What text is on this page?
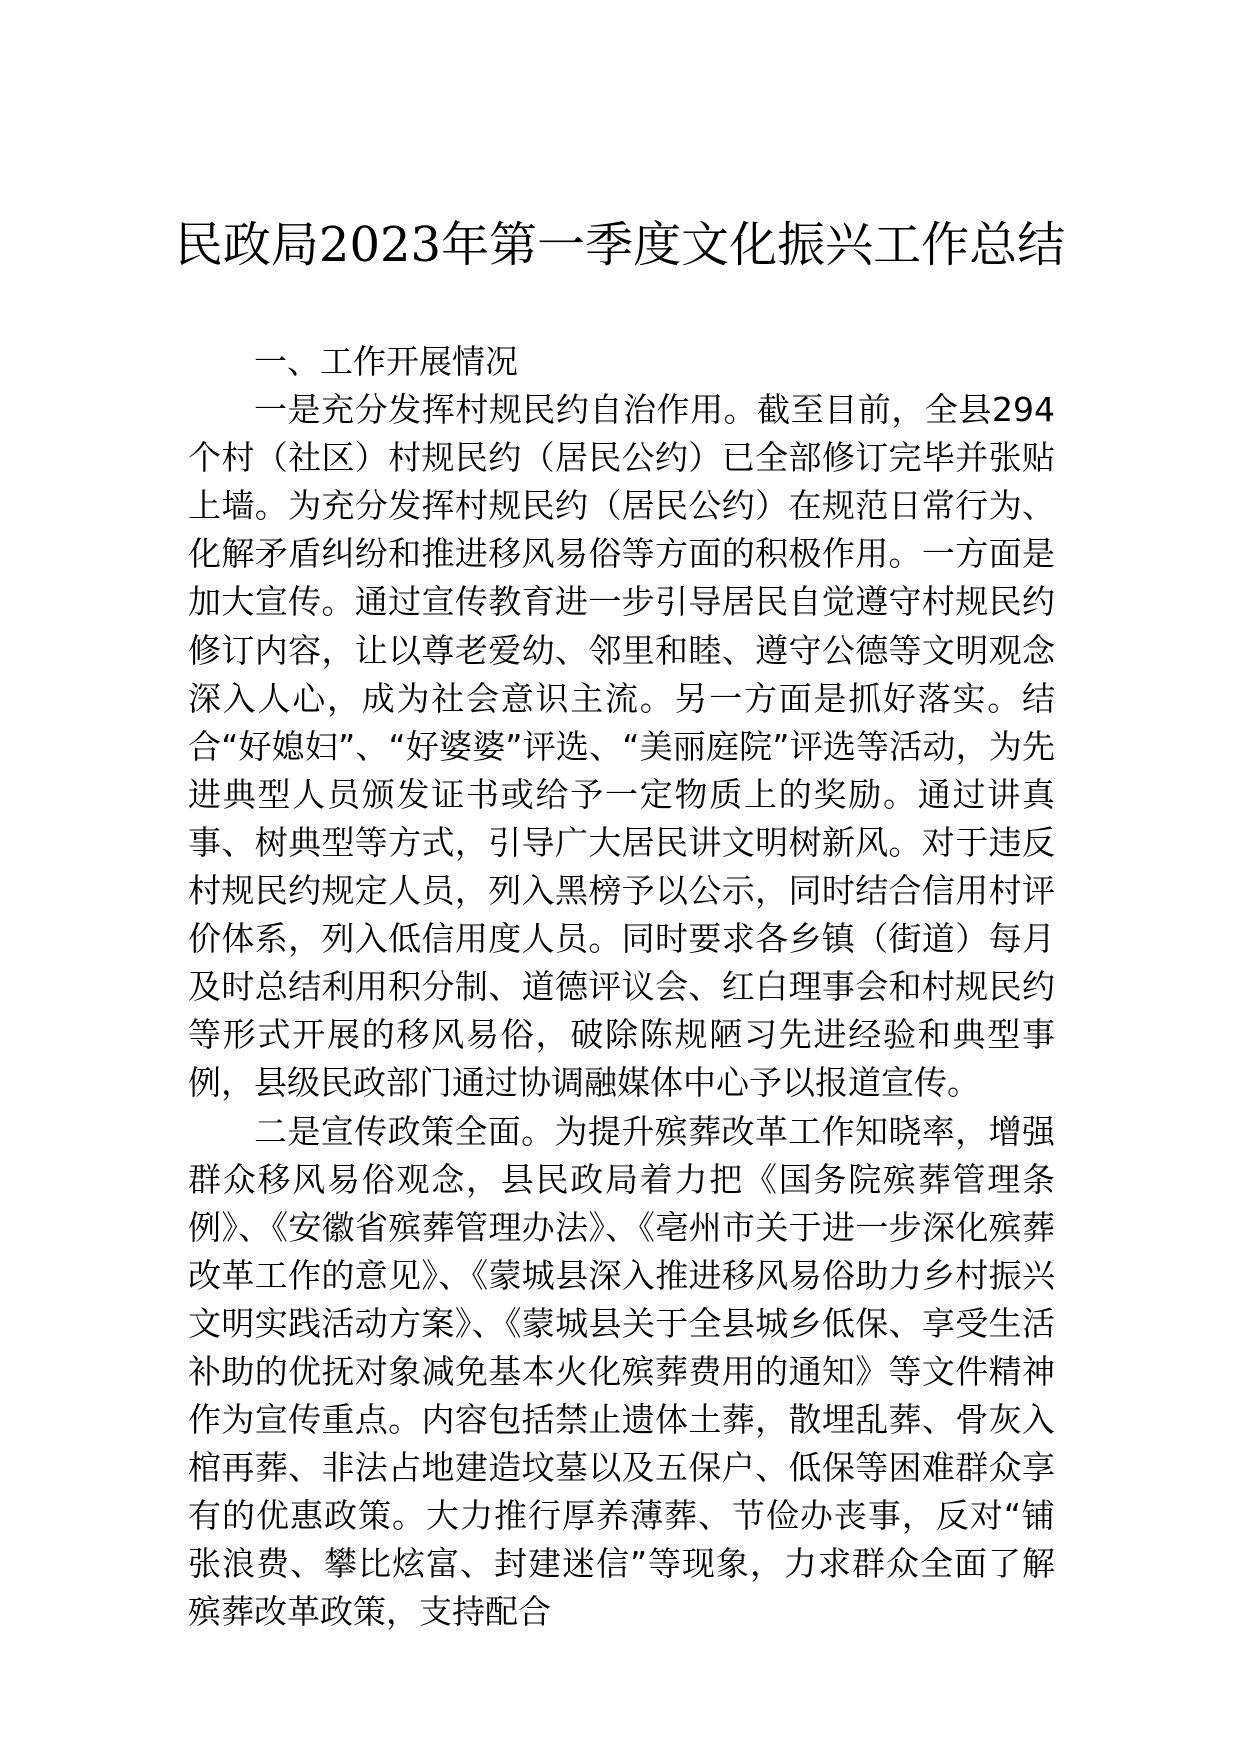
民政局2023年第一季度文化振兴工作总结

一、工作开展情况

一是充分发挥村规民约自治作用。截至目前，全县294个村（社区）村规民约（居民公约）已全部修订完毕并张贴上墙。为充分发挥村规民约（居民公约）在规范日常行为、化解矛盾纠纷和推进移风易俗等方面的积极作用。一方面是加大宣传。通过宣传教育进一步引导居民自觉遵守村规民约修订内容，让以尊老爱幼、邻里和睦、遵守公德等文明观念深入人心，成为社会意识主流。另一方面是抓好落实。结合“好媳妇”、“好婆婆”评选、“美丽庭院”评选等活动，为先进典型人员颁发证书或给予一定物质上的奖励。通过讲真事、树典型等方式，引导广大居民讲文明树新风。对于违反村规民约规定人员，列入黑榜予以公示，同时结合信用村评价体系，列入低信用度人员。同时要求各乡镇（街道）每月及时总结利用积分制、道德评议会、红白理事会和村规民约等形式开展的移风易俗，破除陈规陋习先进经验和典型事例，县级民政部门通过协调融媒体中心予以报道宣传。

二是宣传政策全面。为提升殡葬改革工作知晓率，增强群众移风易俗观念，县民政局着力把《国务院殡葬管理条例》、《安徽省殡葬管理办法》、《亳州市关于进一步深化殡葬改革工作的意见》、《蒙城县深入推进移风易俗助力乡村振兴文明实践活动方案》、《蒙城县关于全县城乡低保、享受生活补助的优抚对象减免基本火化殡葬费用的通知》等文件精神作为宣传重点。内容包括禁止遗体土葬，散埋乱葬、骨灰入棺再葬、非法占地建造坟墓以及五保户、低保等困难群众享有的优惠政策。大力推行厚养薄葬、节俭办丧事，反对“铺张浪费、攀比炫富、封建迷信”等现象，力求群众全面了解殡葬改革政策，支持配合
